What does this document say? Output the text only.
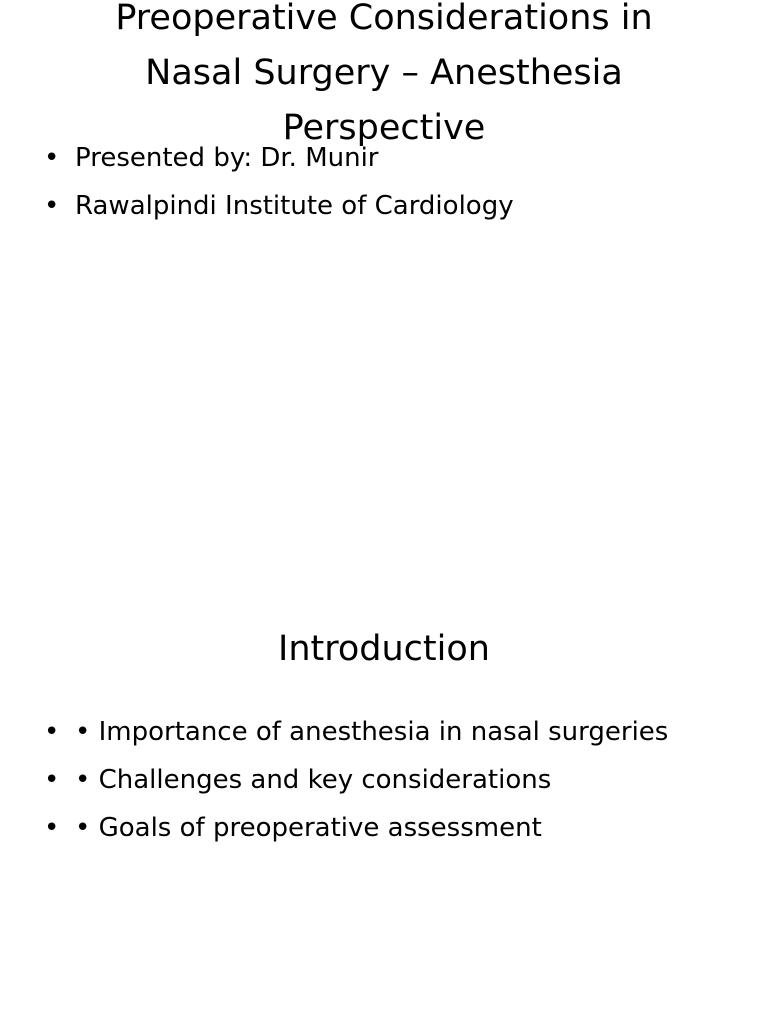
Preoperative Considerations in
Nasal Surgery – Anesthesia
Perspective
• Presented by: Dr. Munir
• Rawalpindi Institute of Cardiology
Introduction
• • Importance of anesthesia in nasal surgeries
• • Challenges and key considerations
• • Goals of preoperative assessment
